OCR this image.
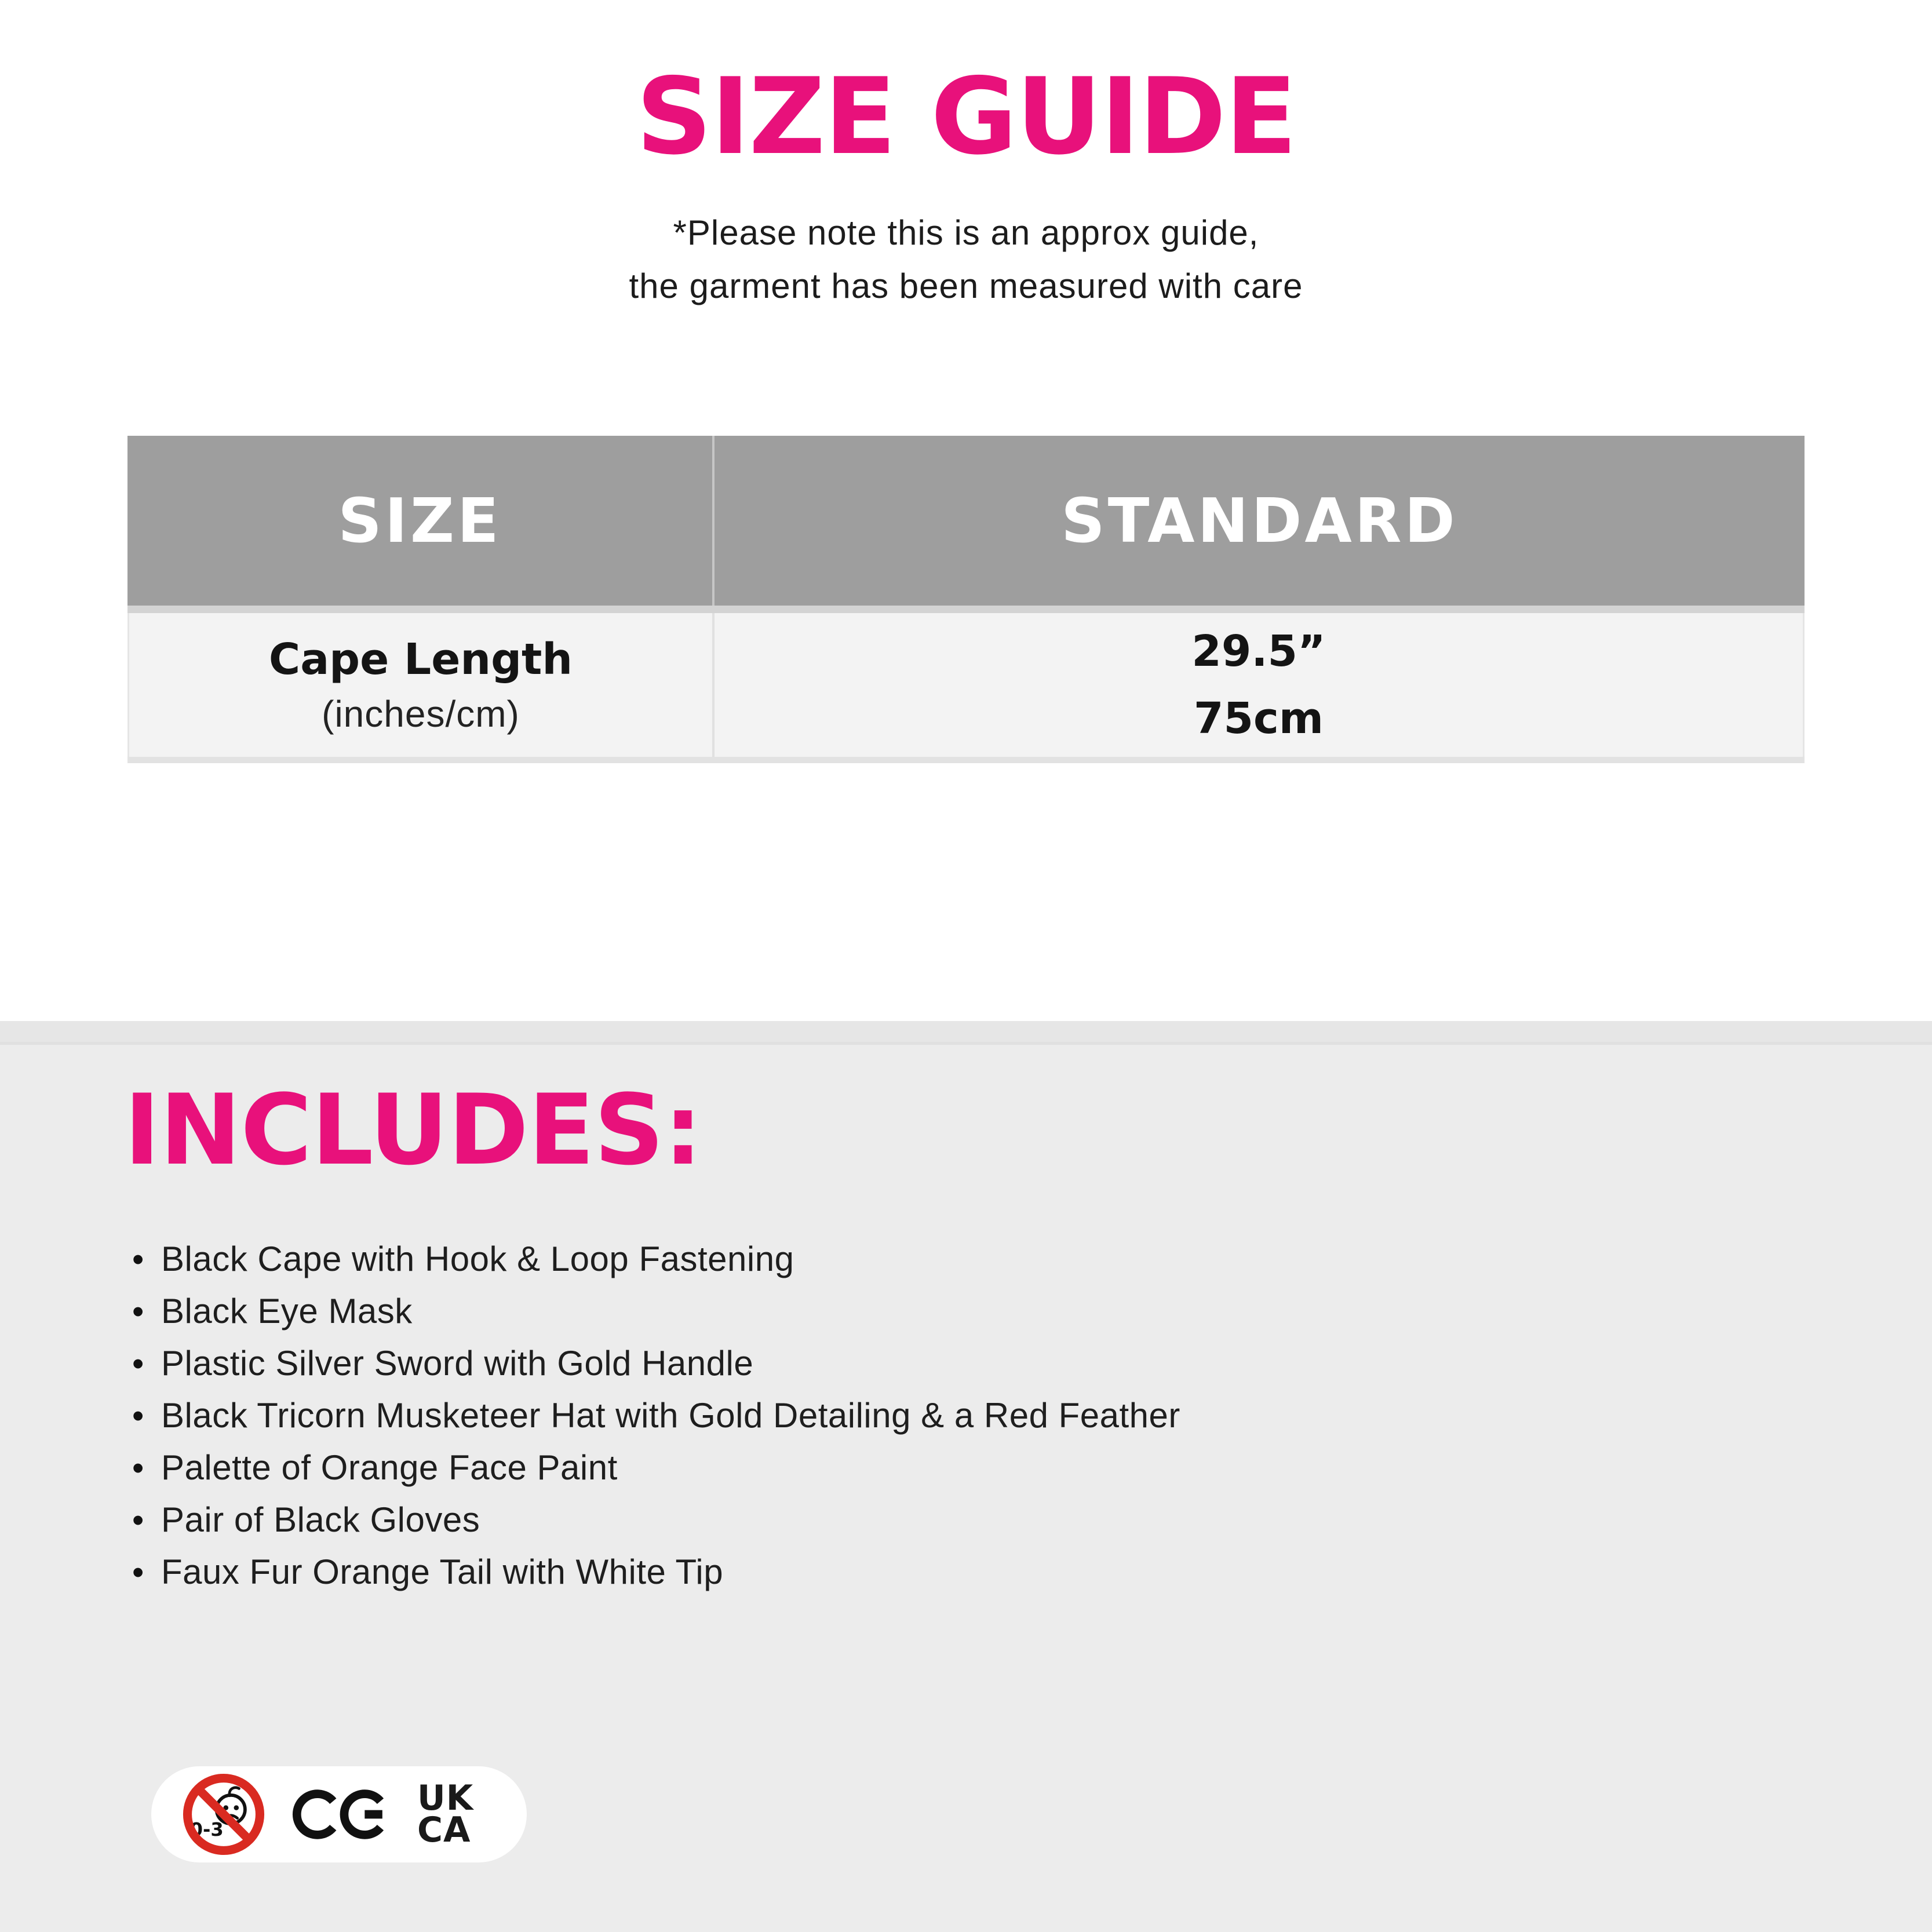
SIZE GUIDE
*Please note this is an approx guide,
the garment has been measured with care
SIZE	STANDARD
Cape Length
(inches/cm)
29.5”
75cm
INCLUDES:
• Black Cape with Hook & Loop Fastening
• Black Eye Mask
• Plastic Silver Sword with Gold Handle
• Black Tricorn Musketeer Hat with Gold Detailing & a Red Feather
• Palette of Orange Face Paint
• Pair of Black Gloves
• Faux Fur Orange Tail with White Tip
0-3
UK
CA
